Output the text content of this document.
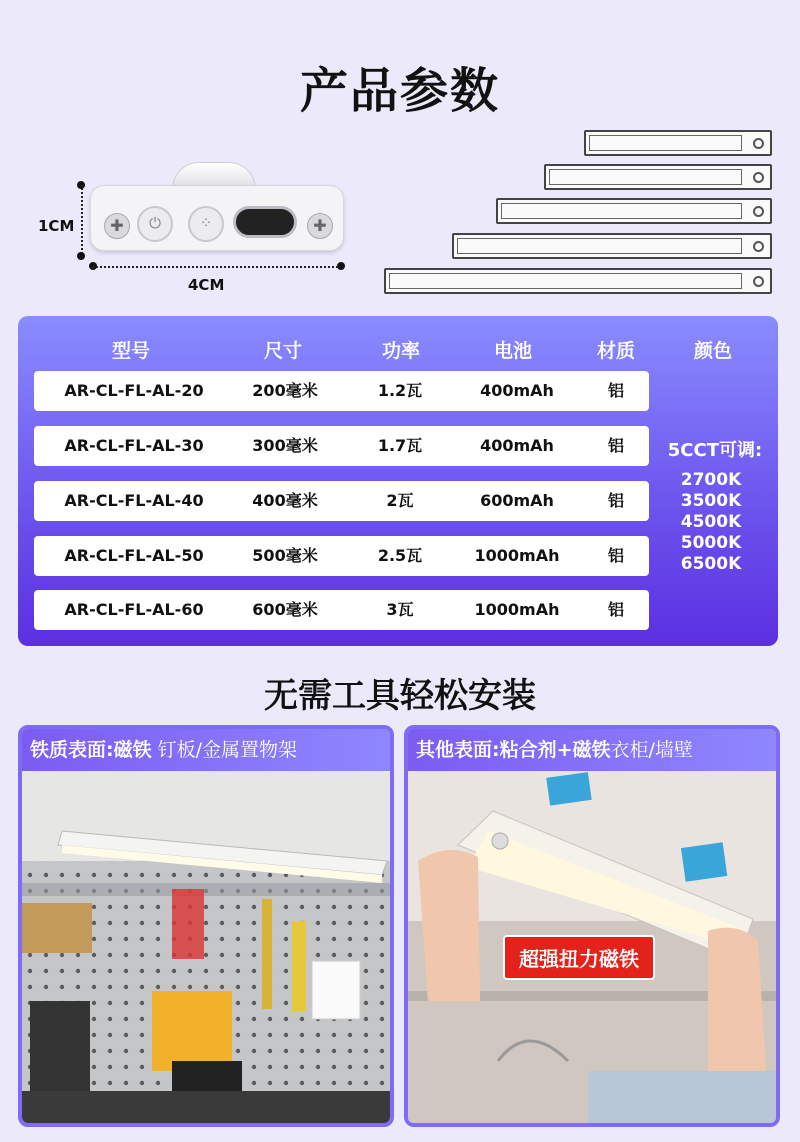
产品参数
✚	⏻	⁘	✚
1CM
4CM
型号	尺寸	功率	电池	材质	颜色
AR-CL-FL-AL-20	200毫米	1.2瓦	400mAh	铝
AR-CL-FL-AL-30	300毫米	1.7瓦	400mAh	铝
AR-CL-FL-AL-40	400毫米	2瓦	600mAh	铝
AR-CL-FL-AL-50	500毫米	2.5瓦	1000mAh	铝
AR-CL-FL-AL-60	600毫米	3瓦	1000mAh	铝
5CCT可调:
2700K
3500K
4500K
5000K
6500K
无需工具轻松安装
铁质表面:磁铁 钉板/金属置物架	其他表面:粘合剂+磁铁衣柜/墙壁
超强扭力磁铁
